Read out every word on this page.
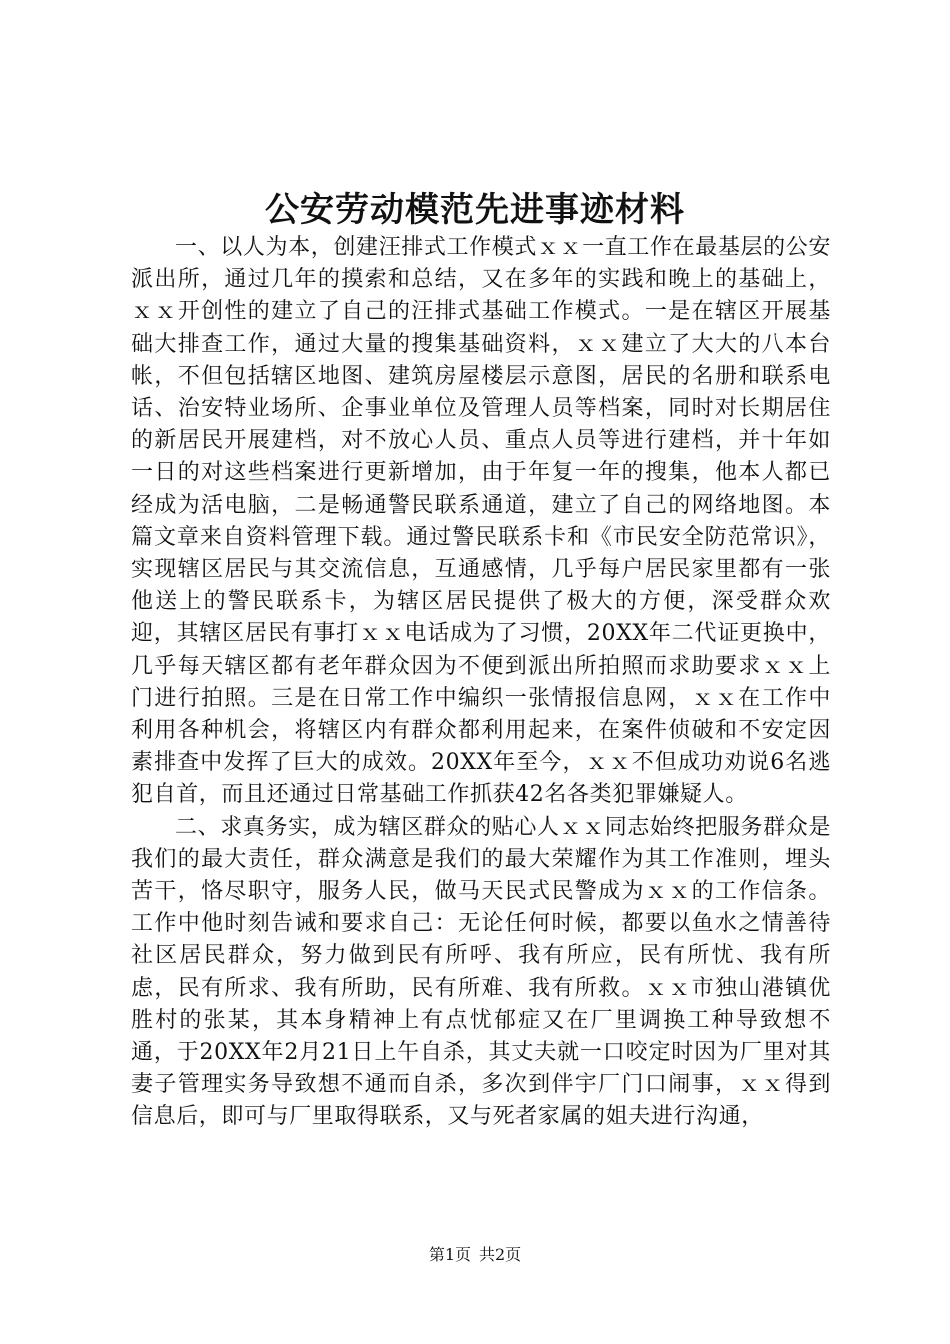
公安劳动模范先进事迹材料

一、以人为本，创建汪排式工作模式ｘｘ一直工作在最基层的公安派出所，通过几年的摸索和总结，又在多年的实践和晚上的基础上，ｘｘ开创性的建立了自己的汪排式基础工作模式。一是在辖区开展基础大排查工作，通过大量的搜集基础资料，ｘｘ建立了大大的八本台帐，不但包括辖区地图、建筑房屋楼层示意图，居民的名册和联系电话、治安特业场所、企事业单位及管理人员等档案，同时对长期居住的新居民开展建档，对不放心人员、重点人员等进行建档，并十年如一日的对这些档案进行更新增加，由于年复一年的搜集，他本人都已经成为活电脑，二是畅通警民联系通道，建立了自己的网络地图。本篇文章来自资料管理下载。通过警民联系卡和《市民安全防范常识》，实现辖区居民与其交流信息，互通感情，几乎每户居民家里都有一张他送上的警民联系卡，为辖区居民提供了极大的方便，深受群众欢迎，其辖区居民有事打ｘｘ电话成为了习惯，20XX年二代证更换中，几乎每天辖区都有老年群众因为不便到派出所拍照而求助要求ｘｘ上门进行拍照。三是在日常工作中编织一张情报信息网，ｘｘ在工作中利用各种机会，将辖区内有群众都利用起来，在案件侦破和不安定因素排查中发挥了巨大的成效。20XX年至今，ｘｘ不但成功劝说6名逃犯自首，而且还通过日常基础工作抓获42名各类犯罪嫌疑人。

二、求真务实，成为辖区群众的贴心人ｘｘ同志始终把服务群众是我们的最大责任，群众满意是我们的最大荣耀作为其工作准则，埋头苦干，恪尽职守，服务人民，做马天民式民警成为ｘｘ的工作信条。工作中他时刻告诫和要求自己：无论任何时候，都要以鱼水之情善待社区居民群众，努力做到民有所呼、我有所应，民有所忧、我有所虑，民有所求、我有所助，民有所难、我有所救。ｘｘ市独山港镇优胜村的张某，其本身精神上有点忧郁症又在厂里调换工种导致想不通，于20XX年2月21日上午自杀，其丈夫就一口咬定时因为厂里对其妻子管理实务导致想不通而自杀，多次到伴宇厂门口闹事，ｘｘ得到信息后，即可与厂里取得联系，又与死者家属的姐夫进行沟通，

第1页 共2页
